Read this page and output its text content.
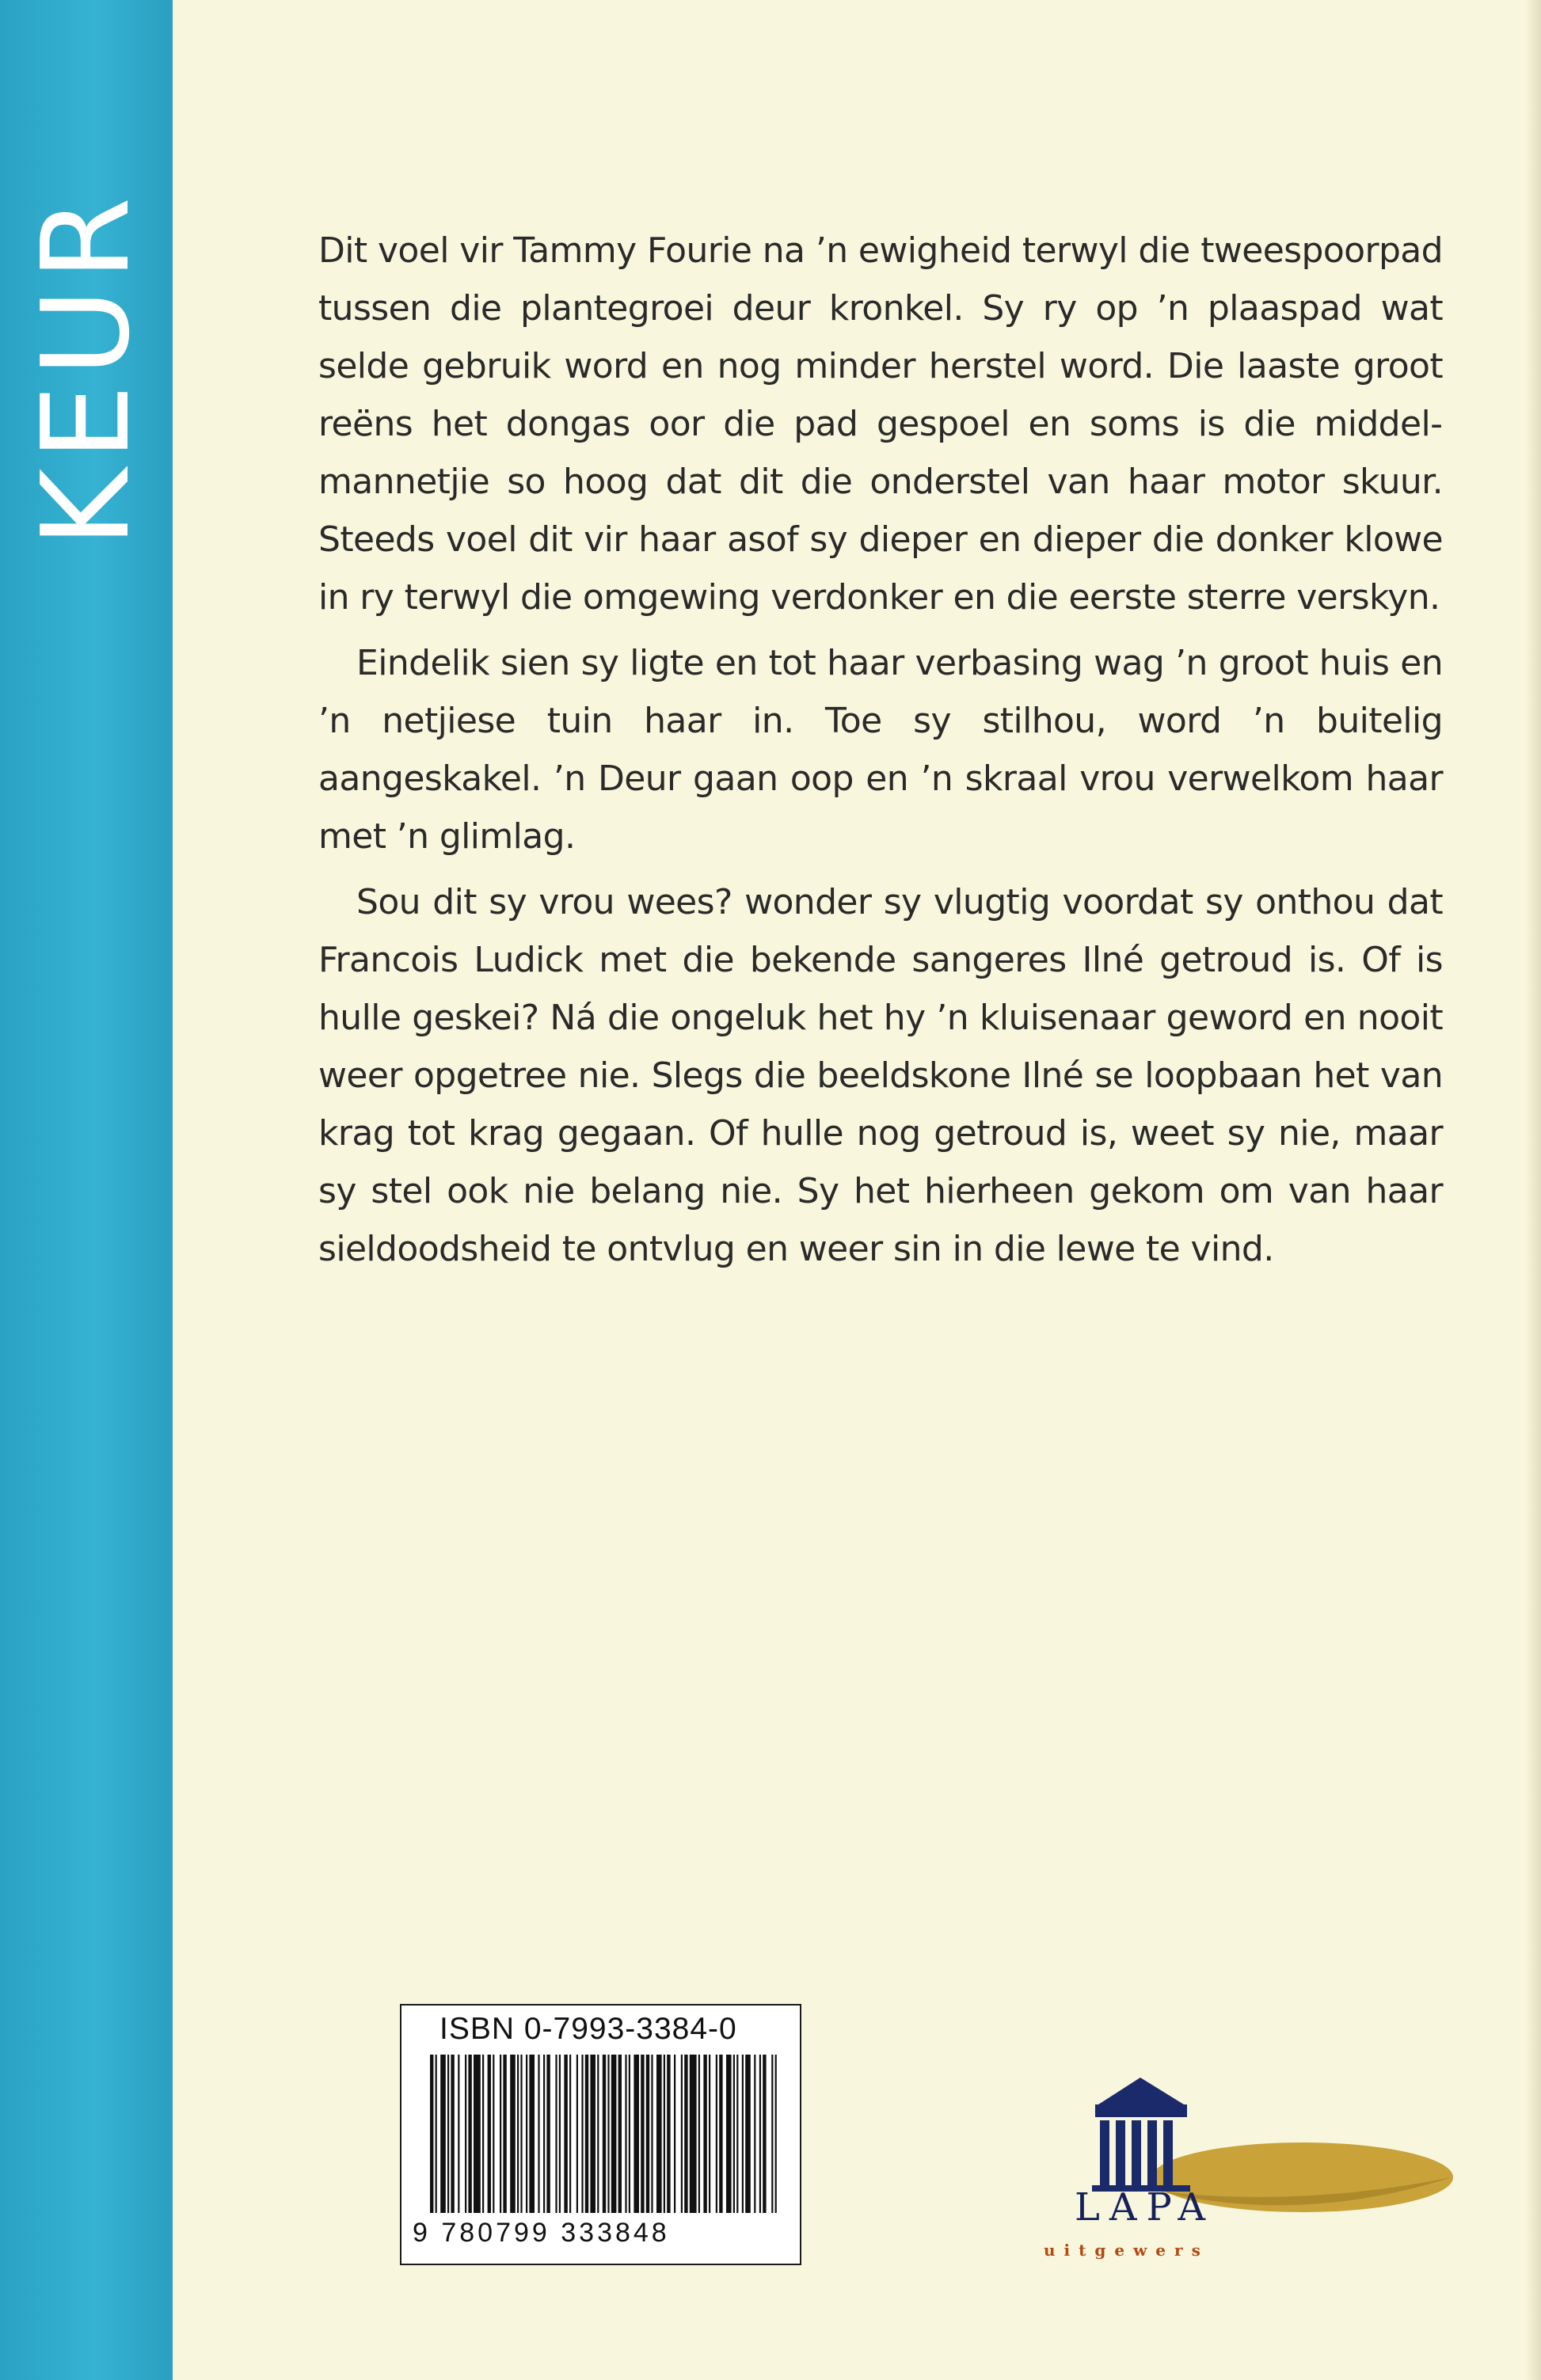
KEUR	Dit voel vir Tammy Fourie na ’n ewigheid terwyl die tweespoorpad tussen die plantegroei deur kronkel. Sy ry op ’n plaaspad wat selde gebruik word en nog minder herstel word. Die laaste groot reëns het dongas oor die pad gespoel en soms is die middelmannetjie so hoog dat dit die onderstel van haar motor skuur. Steeds voel dit vir haar asof sy dieper en dieper die donker klowe in ry terwyl die omgewing verdonker en die eerste sterre verskyn.

Eindelik sien sy ligte en tot haar verbasing wag ’n groot huis en ’n netjiese tuin haar in. Toe sy stilhou, word ’n buitelig aangeskakel. ’n Deur gaan oop en ’n skraal vrou verwelkom haar met ’n glimlag.

Sou dit sy vrou wees? wonder sy vlugtig voordat sy onthou dat Francois Ludick met die bekende sangeres Ilné getroud is. Of is hulle geskei? Ná die ongeluk het hy ’n kluisenaar geword en nooit weer opgetree nie. Slegs die beeldskone Ilné se loopbaan het van krag tot krag gegaan. Of hulle nog getroud is, weet sy nie, maar sy stel ook nie belang nie. Sy het hierheen gekom om van haar sieldoodsheid te ontvlug en weer sin in die lewe te vind.

ISBN 0-7993-3384-0
9 780799 333848
LAPA
uitgewers
